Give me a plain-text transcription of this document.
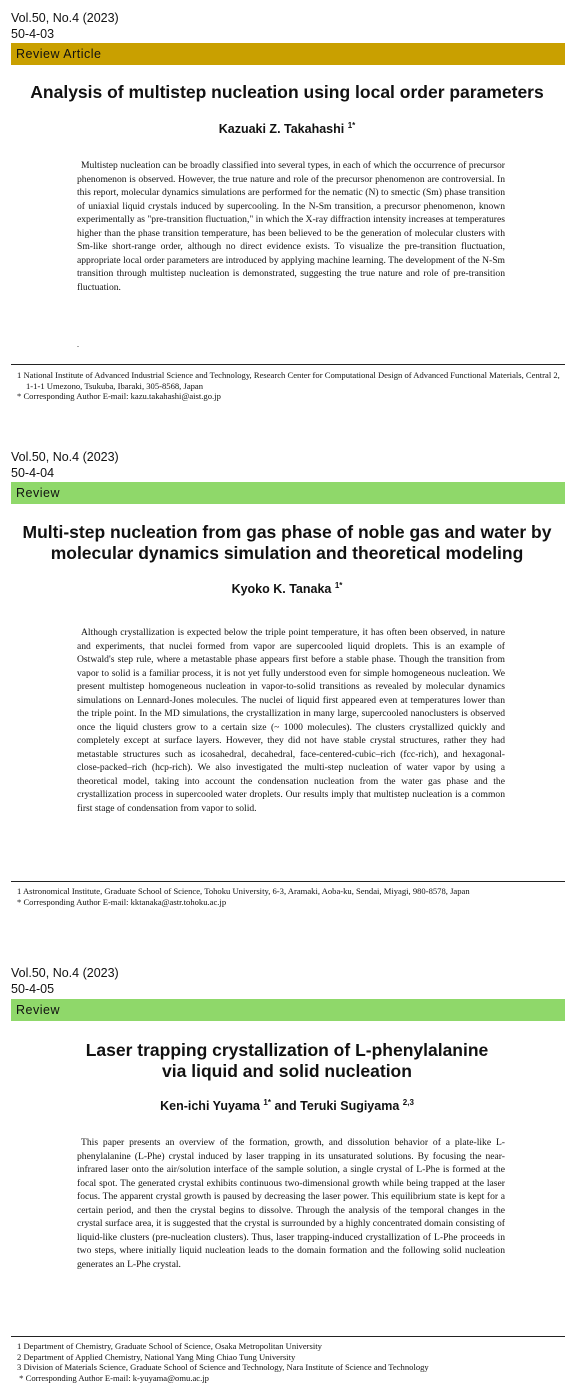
Vol.50, No.4 (2023)
50-4-03
Review Article
Analysis of multistep nucleation using local order parameters
Kazuaki Z. Takahashi $^{1*}$

Multistep nucleation can be broadly classified into several types, in each of which the occurrence of precursor phenomenon is observed. However, the true nature and role of the precursor phenomenon are controversial. In this report, molecular dynamics simulations are performed for the nematic (N) to smectic (Sm) phase transition of uniaxial liquid crystals induced by supercooling. In the N-Sm transition, a precursor phenomenon, known experimentally as "pre-transition fluctuation," in which the X-ray diffraction intensity increases at temperatures higher than the phase transition temperature, has been believed to be the generation of molecular clusters with Sm-like short-range order, although no direct evidence exists. To visualize the pre-transition fluctuation, appropriate local order parameters are introduced by applying machine learning. The development of the N-Sm transition through multistep nucleation is demonstrated, suggesting the true nature and role of pre-transition fluctuation.

.
1 National Institute of Advanced Industrial Science and Technology, Research Center for Computational Design of Advanced Functional Materials, Central 2, 1-1-1 Umezono, Tsukuba, Ibaraki, 305-8568, Japan
* Corresponding Author E-mail: kazu.takahashi@aist.go.jp
Vol.50, No.4 (2023)
50-4-04
Review
Multi-step nucleation from gas phase of noble gas and water by
molecular dynamics simulation and theoretical modeling
Kyoko K. Tanaka $^{1*}$

Although crystallization is expected below the triple point temperature, it has often been observed, in nature and experiments, that nuclei formed from vapor are supercooled liquid droplets. This is an example of Ostwald's step rule, where a metastable phase appears first before a stable phase. Though the transition from vapor to solid is a familiar process, it is not yet fully understood even for simple homogeneous nucleation. We present multistep homogeneous nucleation in vapor-to-solid transitions as revealed by molecular dynamics simulations on Lennard-Jones molecules. The nuclei of liquid first appeared even at temperatures lower than the triple point. In the MD simulations, the crystallization in many large, supercooled nanoclusters is observed once the liquid clusters grow to a certain size (~ 1000 molecules). The clusters crystallized quickly and completely except at surface layers. However, they did not have stable crystal structures, rather they had metastable structures such as icosahedral, decahedral, face-centered-cubic–rich (fcc-rich), and hexagonal-close-packed–rich (hcp-rich). We also investigated the multi-step nucleation of water vapor by using a theoretical model, taking into account the condensation nucleation from the water gas phase and the crystallization process in supercooled water droplets. Our results imply that multistep nucleation is a common first stage of condensation from vapor to solid.

1 Astronomical Institute, Graduate School of Science, Tohoku University, 6-3, Aramaki, Aoba-ku, Sendai, Miyagi, 980-8578, Japan
* Corresponding Author E-mail: kktanaka@astr.tohoku.ac.jp
Vol.50, No.4 (2023)
50-4-05
Review
Laser trapping crystallization of L-phenylalanine
via liquid and solid nucleation
Ken-ichi Yuyama $^{1*}$ and Teruki Sugiyama $^{2,3}$

This paper presents an overview of the formation, growth, and dissolution behavior of a plate-like L-phenylalanine (L-Phe) crystal induced by laser trapping in its unsaturated solutions. By focusing the near-infrared laser onto the air/solution interface of the sample solution, a single crystal of L-Phe is formed at the focal spot. The generated crystal exhibits continuous two-dimensional growth while being trapped at the laser focus. The apparent crystal growth is paused by decreasing the laser power. This equilibrium state is kept for a certain period, and then the crystal begins to dissolve. Through the analysis of the temporal changes in the crystal surface area, it is suggested that the crystal is surrounded by a highly concentrated domain consisting of liquid-like clusters (pre-nucleation clusters). Thus, laser trapping-induced crystallization of L-Phe proceeds in two steps, where initially liquid nucleation leads to the domain formation and the following solid nucleation generates an L-Phe crystal.

1 Department of Chemistry, Graduate School of Science, Osaka Metropolitan University
2 Department of Applied Chemistry, National Yang Ming Chiao Tung University
3 Division of Materials Science, Graduate School of Science and Technology, Nara Institute of Science and Technology
* Corresponding Author E-mail: k-yuyama@omu.ac.jp
